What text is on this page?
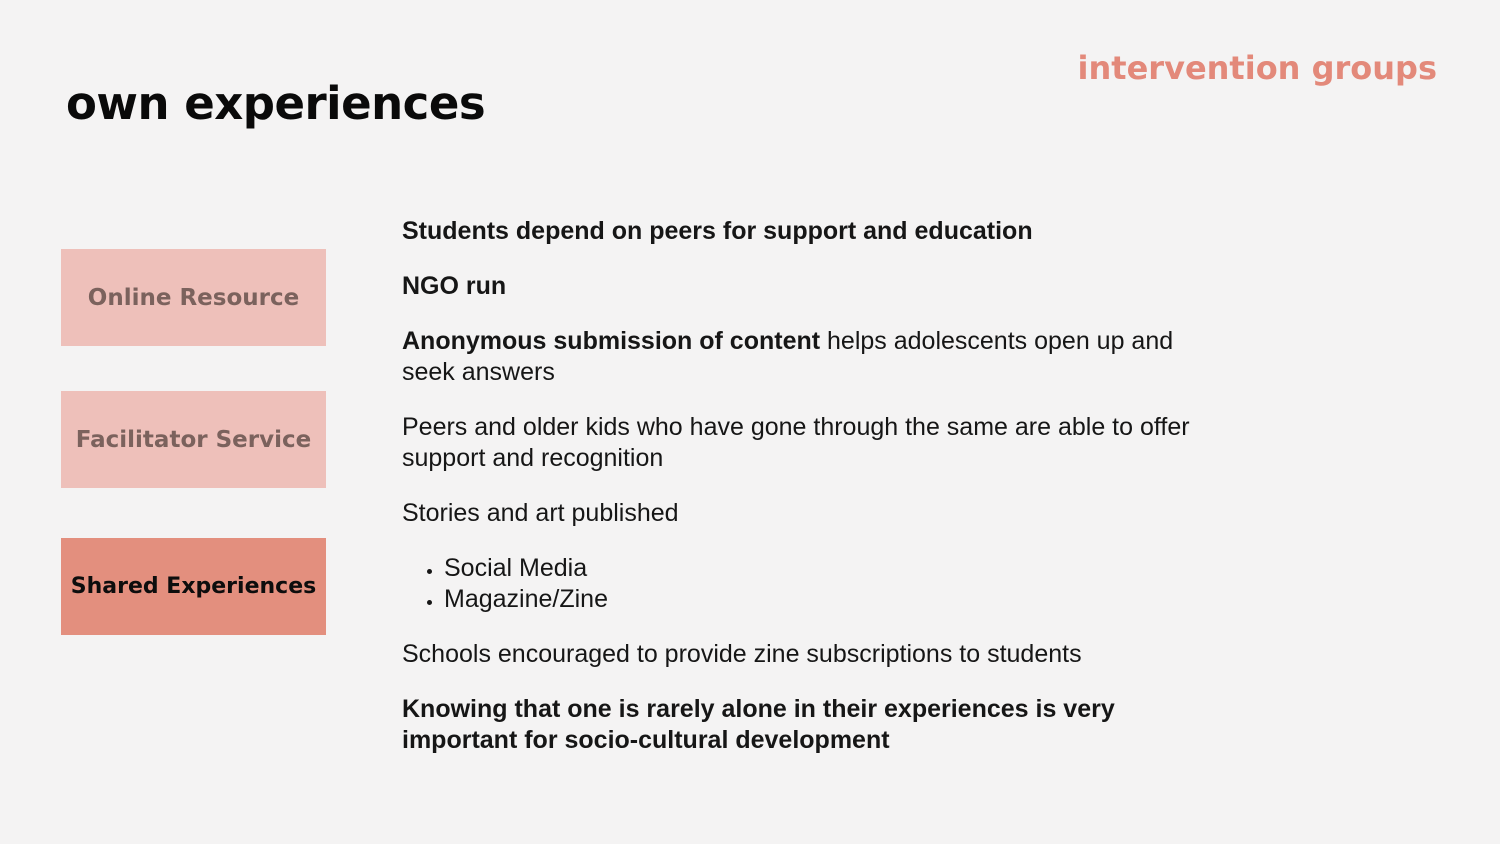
own experiences
intervention groups
Online Resource
Facilitator Service
Shared Experiences

Students depend on peers for support and education

NGO run

Anonymous submission of content helps adolescents open up and seek answers

Peers and older kids who have gone through the same are able to offer support and recognition

Stories and art published

• Social Media
• Magazine/Zine

Schools encouraged to provide zine subscriptions to students

Knowing that one is rarely alone in their experiences is very important for socio-cultural development
